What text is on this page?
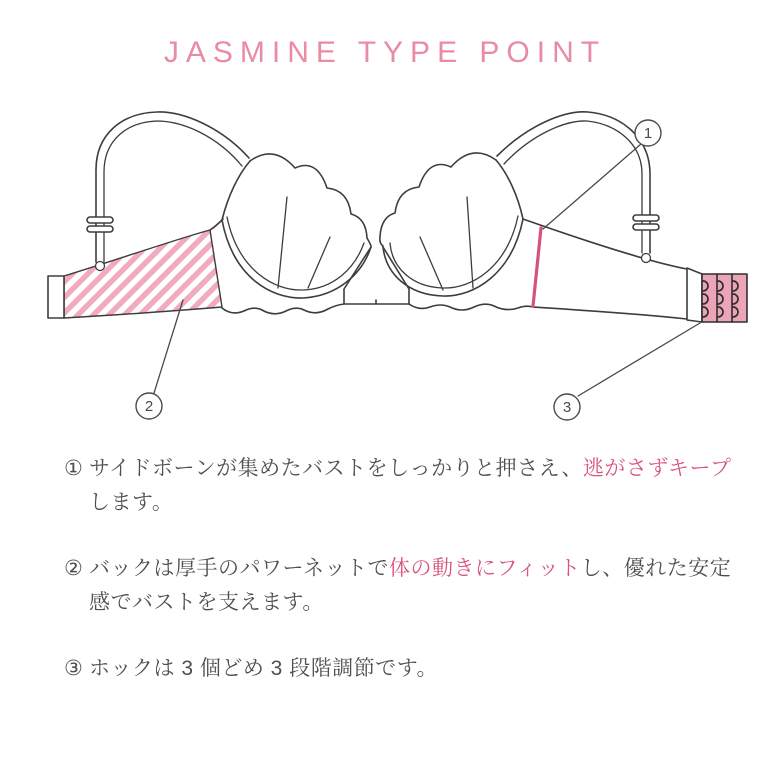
JASMINE TYPE POINT
1
2	3
① サイドボーンが集めたバストをしっかりと押さえ、逃がさずキープします。
② バックは厚手のパワーネットで体の動きにフィットし、優れた安定感でバストを支えます。
③ ホックは 3 個どめ 3 段階調節です。
